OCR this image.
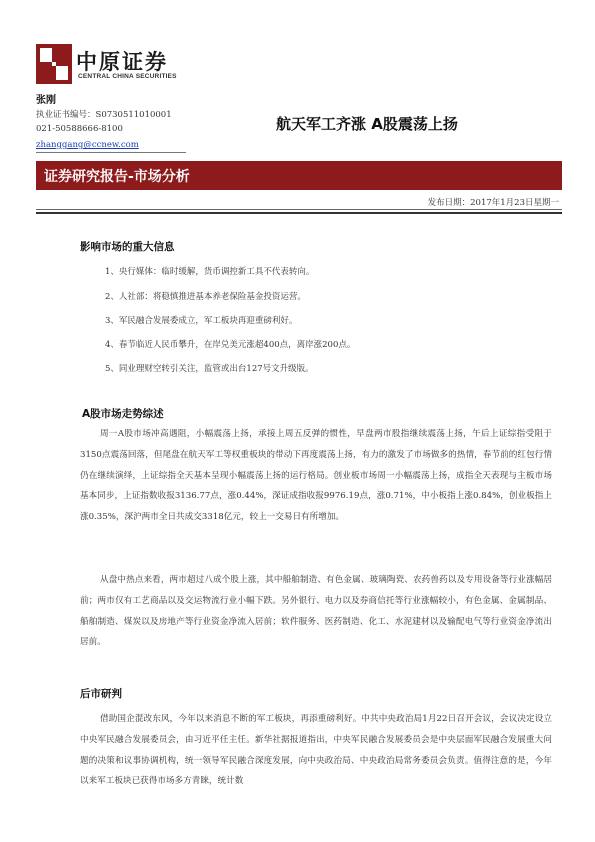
中原证券
CENTRAL CHINA SECURITIES
张刚
执业证书编号：S0730511010001
021-50588666-8100
zhanggang@ccnew.com
航天军工齐涨 A股震荡上扬
证券研究报告-市场分析
发布日期：2017年1月23日星期一
影响市场的重大信息
1、央行媒体：临时缓解，货币调控新工具不代表转向。
2、人社部：将稳慎推进基本养老保险基金投资运营。
3、军民融合发展委成立，军工板块再迎重磅利好。
4、春节临近人民币攀升，在岸兑美元涨超400点，离岸涨200点。
5、同业理财空转引关注，监管或出台127号文升级版。
A股市场走势综述

周一A股市场冲高遇阻，小幅震荡上扬，承接上周五反弹的惯性，早盘两市股指继续震荡上扬，午后上证综指受阻于3150点震荡回落，但尾盘在航天军工等权重板块的带动下再度震荡上扬，有力的激发了市场做多的热情，春节前的红包行情仍在继续演绎，上证综指全天基本呈现小幅震荡上扬的运行格局。创业板市场周一小幅震荡上扬，成指全天表现与主板市场基本同步，上证指数收报3136.77点，涨0.44%，深证成指收报9976.19点，涨0.71%，中小板指上涨0.84%，创业板指上涨0.35%，深沪两市全日共成交3318亿元，较上一交易日有所增加。

从盘中热点来看，两市超过八成个股上涨，其中船舶制造、有色金属、玻璃陶瓷、农药兽药以及专用设备等行业涨幅居前；两市仅有工艺商品以及交运物流行业小幅下跌。另外银行、电力以及券商信托等行业涨幅较小，有色金属、金属制品、船舶制造、煤炭以及房地产等行业资金净流入居前；软件服务、医药制造、化工、水泥建材以及输配电气等行业资金净流出居前。

后市研判

借助国企混改东风，今年以来消息不断的军工板块，再添重磅利好。中共中央政治局1月22日召开会议，会议决定设立中央军民融合发展委员会，由习近平任主任。新华社据报道指出，中央军民融合发展委员会是中央层面军民融合发展重大问题的决策和议事协调机构，统一领导军民融合深度发展，向中央政治局、中央政治局常务委员会负责。值得注意的是，今年以来军工板块已获得市场多方青睐，统计数
